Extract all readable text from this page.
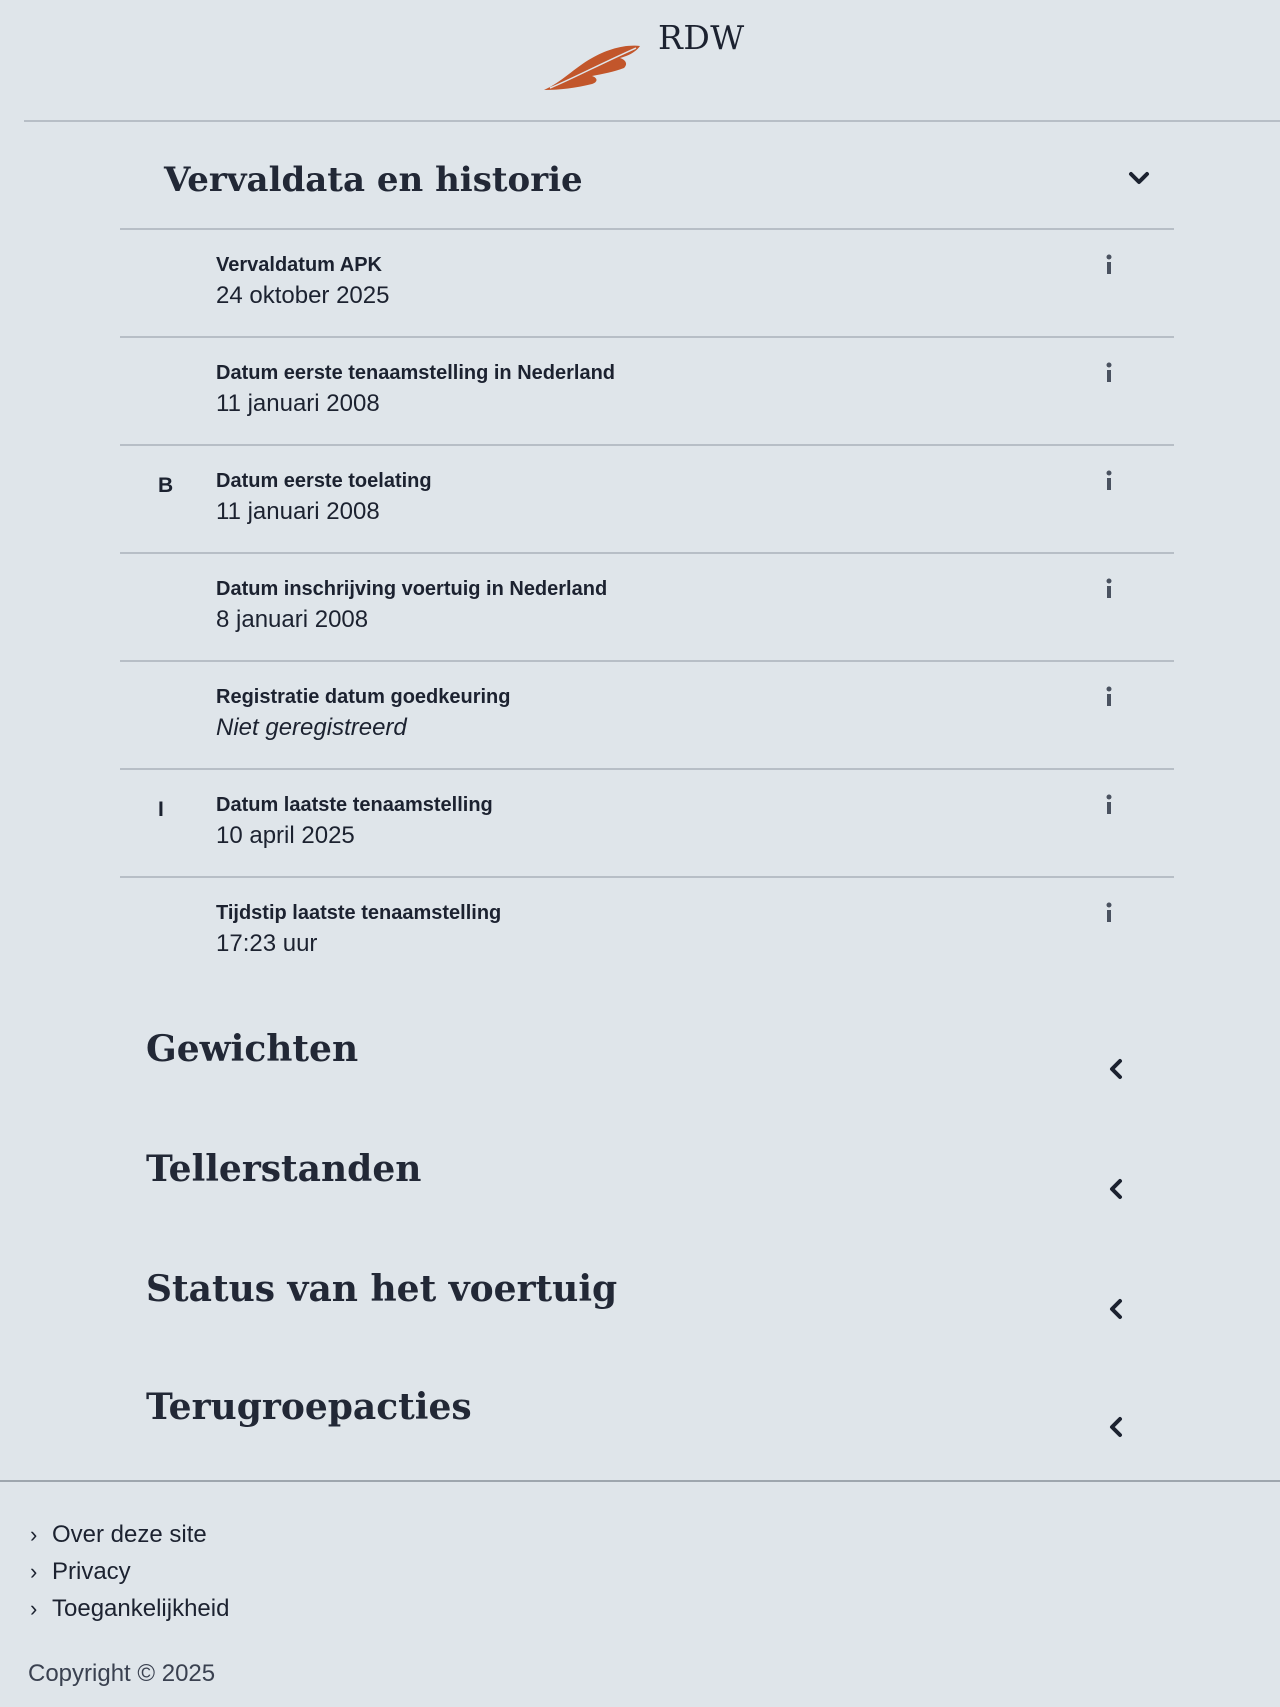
RDW
Vervaldata en historie
Vervaldatum APK
24 oktober 2025
Datum eerste tenaamstelling in Nederland
11 januari 2008
B Datum eerste toelating
11 januari 2008
Datum inschrijving voertuig in Nederland
8 januari 2008
Registratie datum goedkeuring
Niet geregistreerd
I	Datum laatste tenaamstelling
10 april 2025
Tijdstip laatste tenaamstelling
17:23 uur
Gewichten
Tellerstanden
Status van het voertuig
Terugroepacties
› Over deze site
› Privacy
› Toegankelijkheid
Copyright © 2025
